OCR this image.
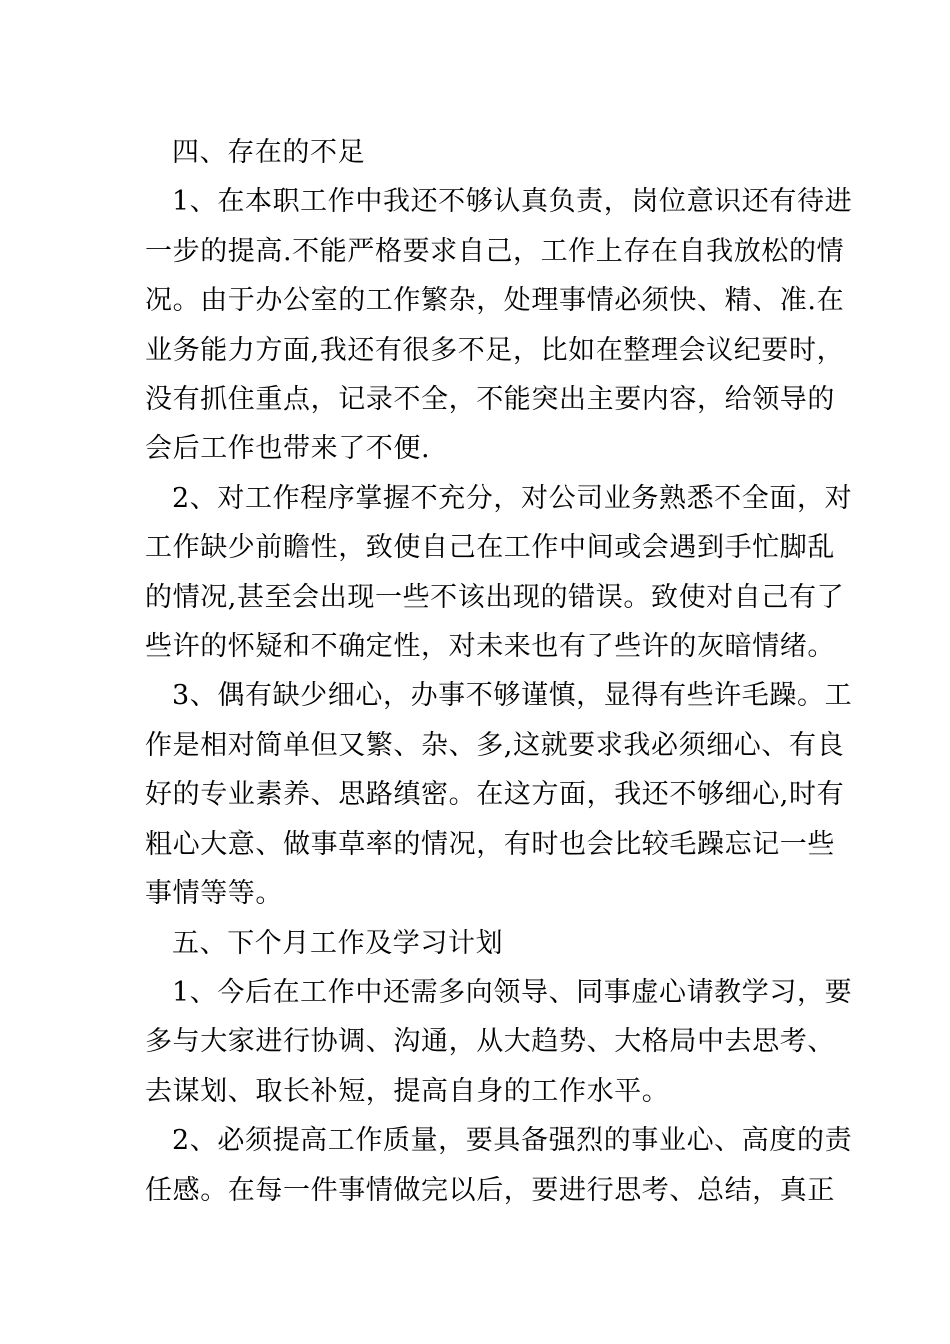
四、存在的不足
1、在本职工作中我还不够认真负责，岗位意识还有待进
一步的提高.不能严格要求自己，工作上存在自我放松的情
况。由于办公室的工作繁杂，处理事情必须快、精、准.在
业务能力方面,我还有很多不足，比如在整理会议纪要时，
没有抓住重点，记录不全，不能突出主要内容，给领导的
会后工作也带来了不便.
2、对工作程序掌握不充分，对公司业务熟悉不全面，对
工作缺少前瞻性，致使自己在工作中间或会遇到手忙脚乱
的情况,甚至会出现一些不该出现的错误。致使对自己有了
些许的怀疑和不确定性，对未来也有了些许的灰暗情绪。
3、偶有缺少细心，办事不够谨慎，显得有些许毛躁。工
作是相对简单但又繁、杂、多,这就要求我必须细心、有良
好的专业素养、思路缜密。在这方面，我还不够细心,时有
粗心大意、做事草率的情况，有时也会比较毛躁忘记一些
事情等等。
五、下个月工作及学习计划
1、今后在工作中还需多向领导、同事虚心请教学习，要
多与大家进行协调、沟通，从大趋势、大格局中去思考、
去谋划、取长补短，提高自身的工作水平。
2、必须提高工作质量，要具备强烈的事业心、高度的责
任感。在每一件事情做完以后，要进行思考、总结，真正
